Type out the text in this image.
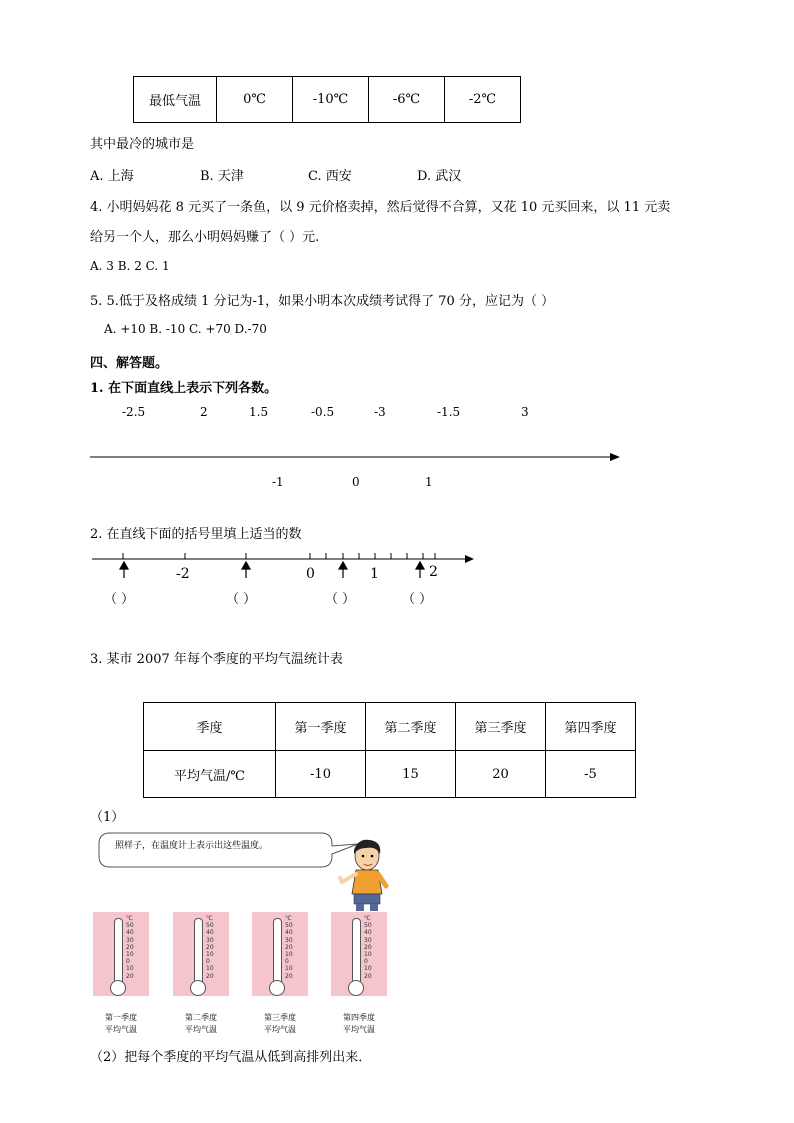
最低气温	0℃	-10℃	-6℃	-2℃
其中最冷的城市是
A. 上海	B. 天津	C. 西安	D. 武汉
4. 小明妈妈花 8 元买了一条鱼，以 9 元价格卖掉，然后觉得不合算，又花 10 元买回来，以 11 元卖
给另一个人，那么小明妈妈赚了（ ）元.
A. 3 B. 2 C. 1
5. 5.低于及格成绩 1 分记为-1，如果小明本次成绩考试得了 70 分，应记为（ ）
A. +10 B. -10 C. +70 D.-70
四、解答题。
1. 在下面直线上表示下列各数。
-2.5	2	1.5	-0.5	-3	-1.5	3
-1	0	1
2. 在直线下面的括号里填上适当的数
-2	0	1	2
（ ）	（ ）	（ ）	（ ）
3. 某市 2007 年每个季度的平均气温统计表
季度	第一季度	第二季度	第三季度	第四季度
平均气温/℃	-10	15	20	-5
（1）
照样子，在温度计上表示出这些温度。
℃
50
40
30
20
10
0
10
20
℃
50
40
30
20
10
0
10
20
℃
50
40
30
20
10
0
10
20
℃
50
40
30
20
10
0
10
20
第一季度
平均气温
第二季度
平均气温
第三季度
平均气温
第四季度
平均气温
（2）把每个季度的平均气温从低到高排列出来．
